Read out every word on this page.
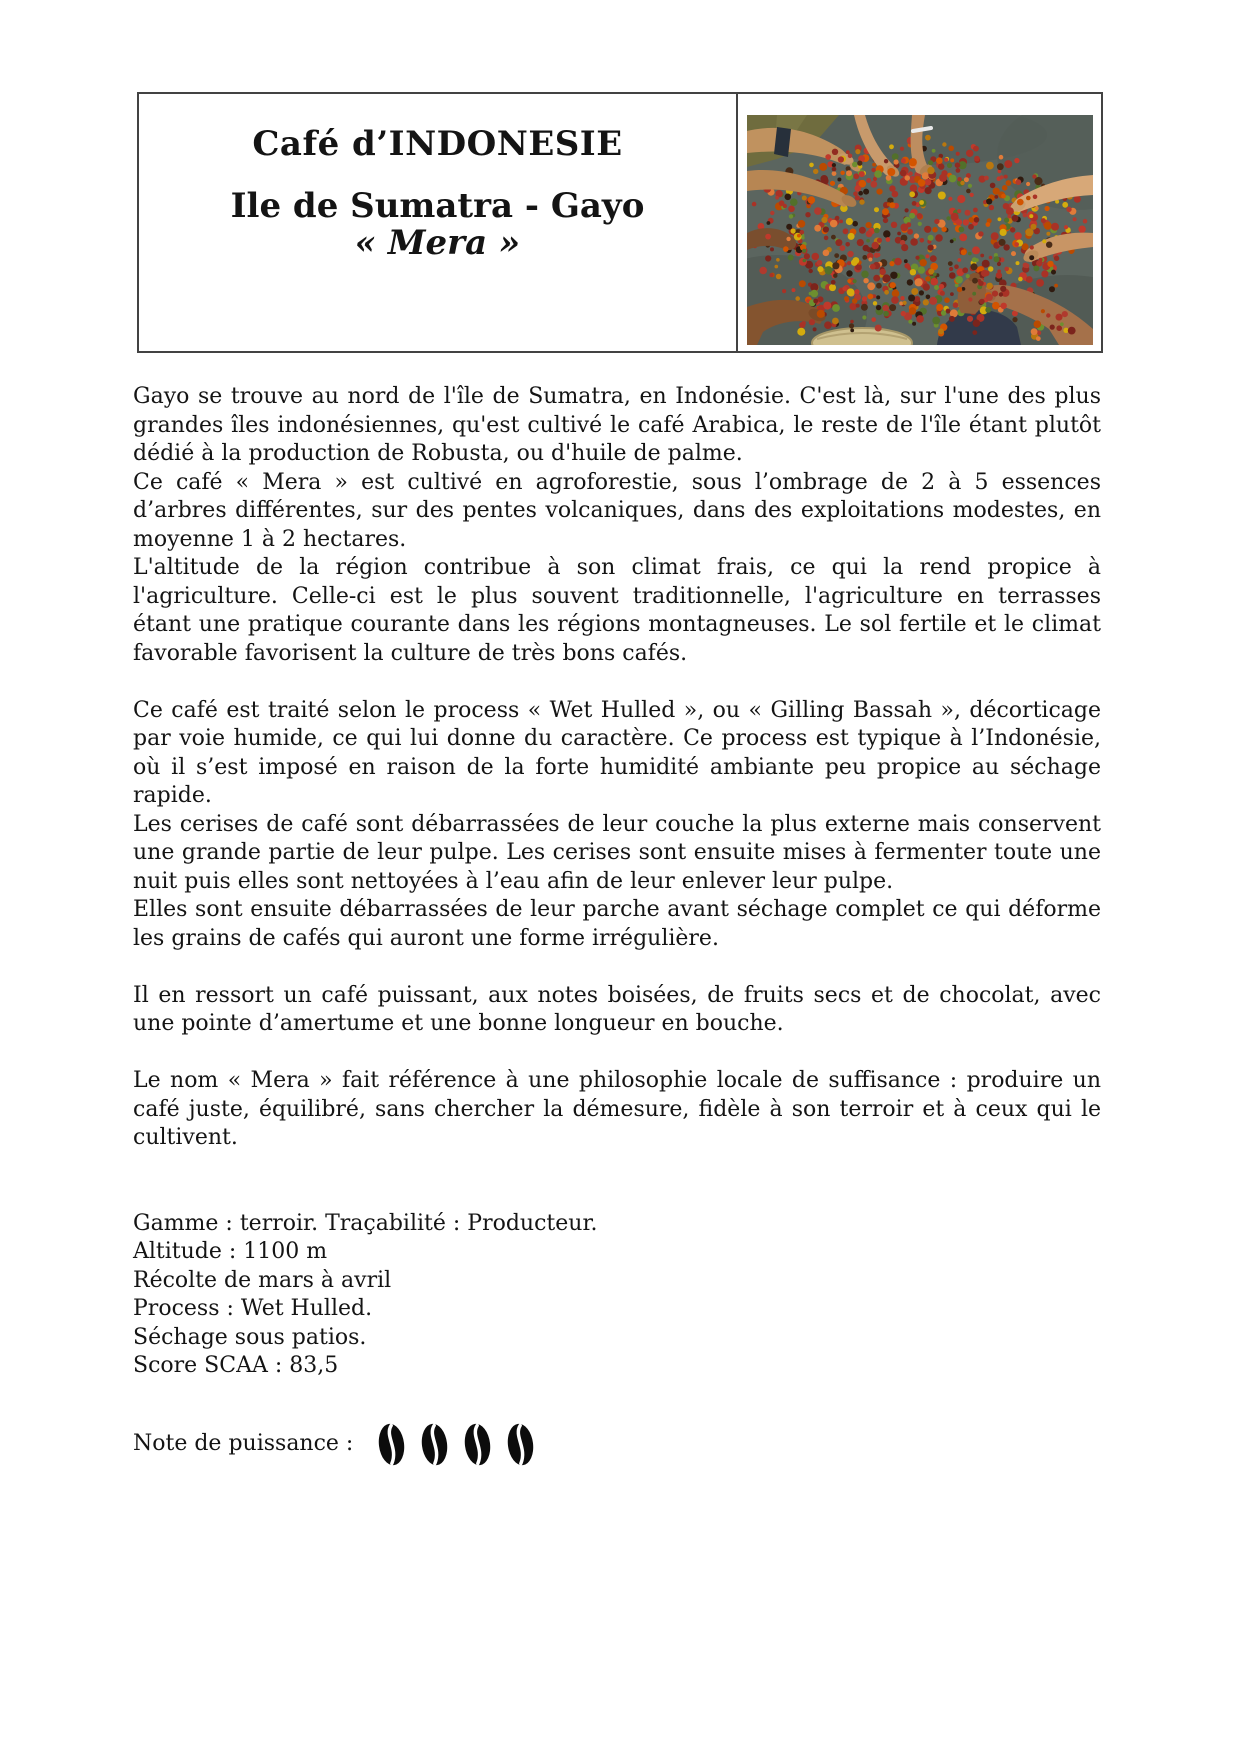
Café d’INDONESIE

Ile de Sumatra - Gayo

« Mera »

Gayo se trouve au nord de l'île de Sumatra, en Indonésie. C'est là, sur l'une des plus grandes îles indonésiennes, qu'est cultivé le café Arabica, le reste de l'île étant plutôt dédié à la production de Robusta, ou d'huile de palme.

Ce café « Mera » est cultivé en agroforestie, sous l’ombrage de 2 à 5 essences d’arbres différentes, sur des pentes volcaniques, dans des exploitations modestes, en moyenne 1 à 2 hectares.

L'altitude de la région contribue à son climat frais, ce qui la rend propice à l'agriculture. Celle-ci est le plus souvent traditionnelle, l'agriculture en terrasses étant une pratique courante dans les régions montagneuses. Le sol fertile et le climat favorable favorisent la culture de très bons cafés.

Ce café est traité selon le process « Wet Hulled », ou « Gilling Bassah », décorticage par voie humide, ce qui lui donne du caractère. Ce process est typique à l’Indonésie, où il s’est imposé en raison de la forte humidité ambiante peu propice au séchage rapide.

Les cerises de café sont débarrassées de leur couche la plus externe mais conservent une grande partie de leur pulpe. Les cerises sont ensuite mises à fermenter toute une nuit puis elles sont nettoyées à l’eau afin de leur enlever leur pulpe.

Elles sont ensuite débarrassées de leur parche avant séchage complet ce qui déforme les grains de cafés qui auront une forme irrégulière.

Il en ressort un café puissant, aux notes boisées, de fruits secs et de chocolat, avec une pointe d’amertume et une bonne longueur en bouche.

Le nom « Mera » fait référence à une philosophie locale de suffisance : produire un café juste, équilibré, sans chercher la démesure, fidèle à son terroir et à ceux qui le cultivent.

Gamme : terroir. Traçabilité : Producteur.

Altitude : 1100 m

Récolte de mars à avril

Process : Wet Hulled.

Séchage sous patios.

Score SCAA : 83,5

Note de puissance :
